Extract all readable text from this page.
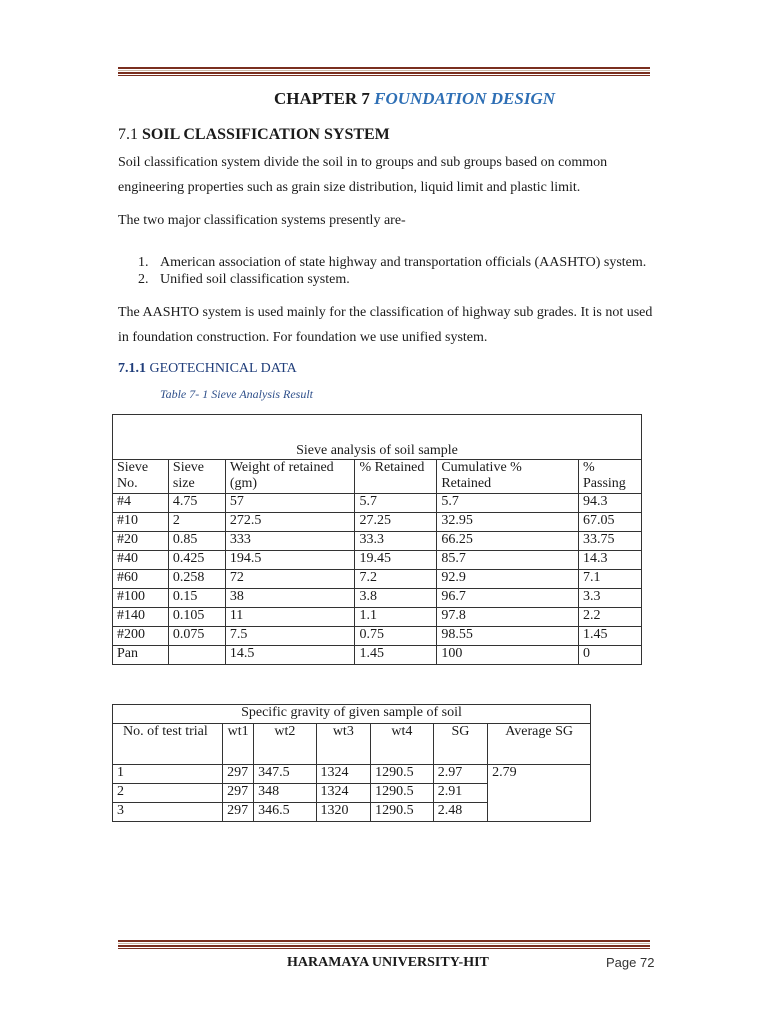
CHAPTER 7 FOUNDATION DESIGN
7.1 SOIL CLASSIFICATION SYSTEM
Soil classification system divide the soil in to groups and sub groups based on common engineering properties such as grain size distribution, liquid limit and plastic limit.
The two major classification systems presently are-
1. American association of state highway and transportation officials (AASHTO) system.
2. Unified soil classification system.
The AASHTO system is used mainly for the classification of highway sub grades. It is not used in foundation construction. For foundation we use unified system.
7.1.1 GEOTECHNICAL DATA
Table 7- 1 Sieve Analysis Result
Sieve analysis of soil sample					
Sieve No.	Sieve size	Weight of retained (gm)	% Retained	Cumulative % Retained	% Passing
#4	4.75	57	5.7	5.7	94.3
#10	2	272.5	27.25	32.95	67.05
#20	0.85	333	33.3	66.25	33.75
#40	0.425	194.5	19.45	85.7	14.3
#60	0.258	72	7.2	92.9	7.1
#100	0.15	38	3.8	96.7	3.3
#140	0.105	11	1.1	97.8	2.2
#200	0.075	7.5	0.75	98.55	1.45
Pan		14.5	1.45	100	0
Specific gravity of given sample of soil						
No. of test trial	wt1	wt2	wt3	wt4	SG	Average SG
1	297	347.5	1324	1290.5	2.97	2.79
2	297	348	1324	1290.5	2.91	
3	297	346.5	1320	1290.5	2.48	
HARAMAYA UNIVERSITY-HIT	Page 72
